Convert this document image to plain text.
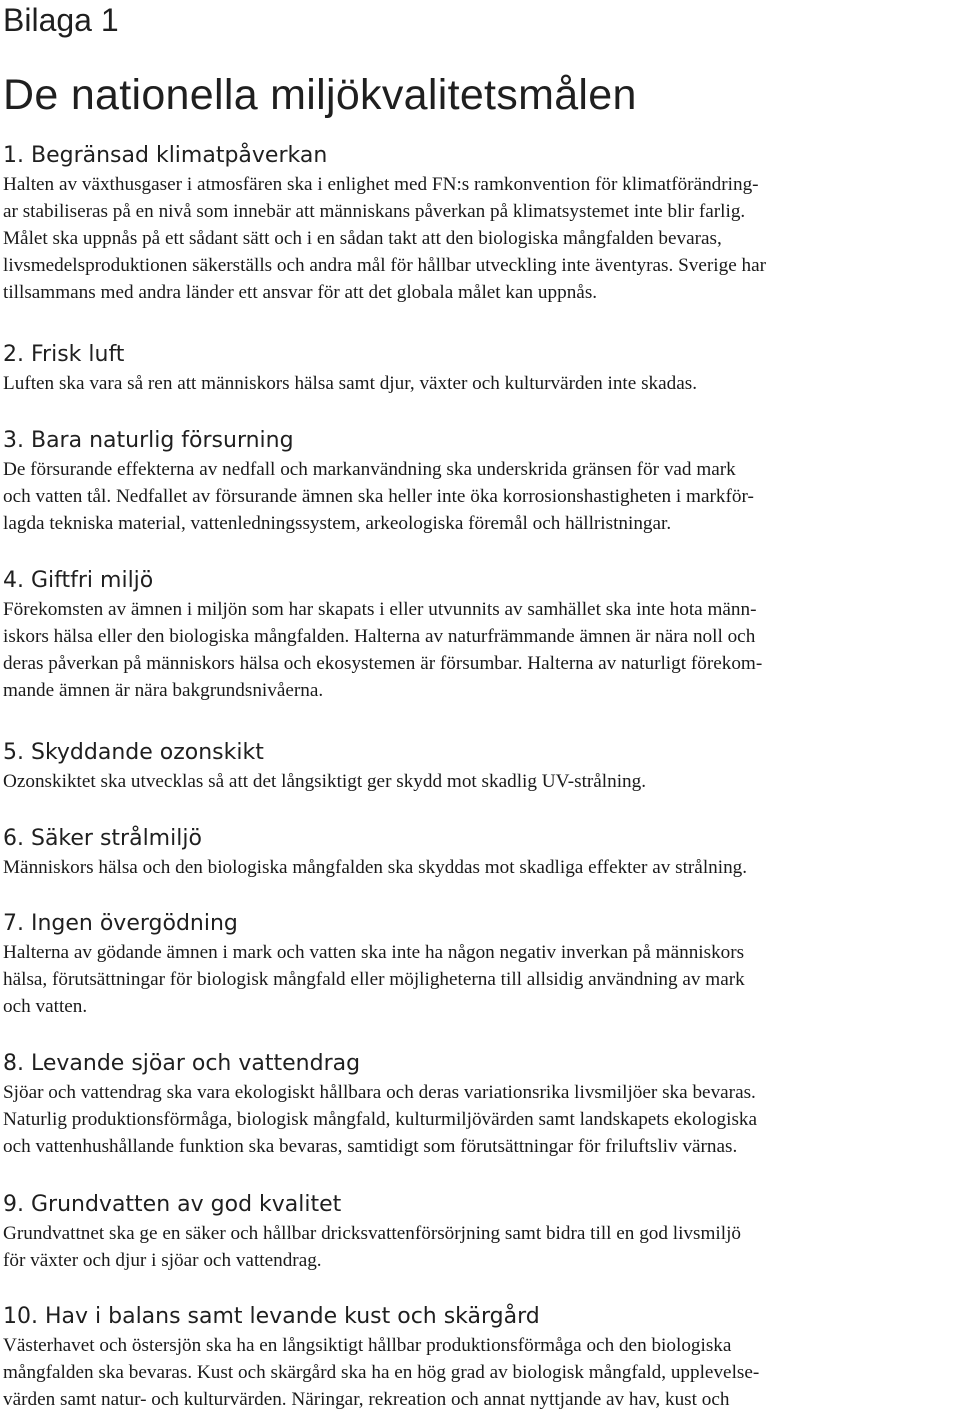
Bilaga 1
De nationella miljökvalitetsmålen
1. Begränsad klimatpåverkan

Halten av växthusgaser i atmosfären ska i enlighet med FN:s ramkonvention för klimatförändring-
ar stabiliseras på en nivå som innebär att människans påverkan på klimatsystemet inte blir farlig.
Målet ska uppnås på ett sådant sätt och i en sådan takt att den biologiska mångfalden bevaras,
livsmedelsproduktionen säkerställs och andra mål för hållbar utveckling inte äventyras. Sverige har
tillsammans med andra länder ett ansvar för att det globala målet kan uppnås.

2. Frisk luft

Luften ska vara så ren att människors hälsa samt djur, växter och kulturvärden inte skadas.

3. Bara naturlig försurning

De försurande effekterna av nedfall och markanvändning ska underskrida gränsen för vad mark
och vatten tål. Nedfallet av försurande ämnen ska heller inte öka korrosionshastigheten i markför-
lagda tekniska material, vattenledningssystem, arkeologiska föremål och hällristningar.

4. Giftfri miljö

Förekomsten av ämnen i miljön som har skapats i eller utvunnits av samhället ska inte hota männ-
iskors hälsa eller den biologiska mångfalden. Halterna av naturfrämmande ämnen är nära noll och
deras påverkan på människors hälsa och ekosystemen är försumbar. Halterna av naturligt förekom-
mande ämnen är nära bakgrundsnivåerna.

5. Skyddande ozonskikt

Ozonskiktet ska utvecklas så att det långsiktigt ger skydd mot skadlig UV-strålning.

6. Säker strålmiljö

Människors hälsa och den biologiska mångfalden ska skyddas mot skadliga effekter av strålning.

7. Ingen övergödning

Halterna av gödande ämnen i mark och vatten ska inte ha någon negativ inverkan på människors
hälsa, förutsättningar för biologisk mångfald eller möjligheterna till allsidig användning av mark
och vatten.

8. Levande sjöar och vattendrag

Sjöar och vattendrag ska vara ekologiskt hållbara och deras variationsrika livsmiljöer ska bevaras.
Naturlig produktionsförmåga, biologisk mångfald, kulturmiljövärden samt landskapets ekologiska
och vattenhushållande funktion ska bevaras, samtidigt som förutsättningar för friluftsliv värnas.

9. Grundvatten av god kvalitet

Grundvattnet ska ge en säker och hållbar dricksvattenförsörjning samt bidra till en god livsmiljö
för växter och djur i sjöar och vattendrag.

10. Hav i balans samt levande kust och skärgård

Västerhavet och östersjön ska ha en långsiktigt hållbar produktionsförmåga och den biologiska
mångfalden ska bevaras. Kust och skärgård ska ha en hög grad av biologisk mångfald, upplevelse-
värden samt natur- och kulturvärden. Näringar, rekreation och annat nyttjande av hav, kust och
